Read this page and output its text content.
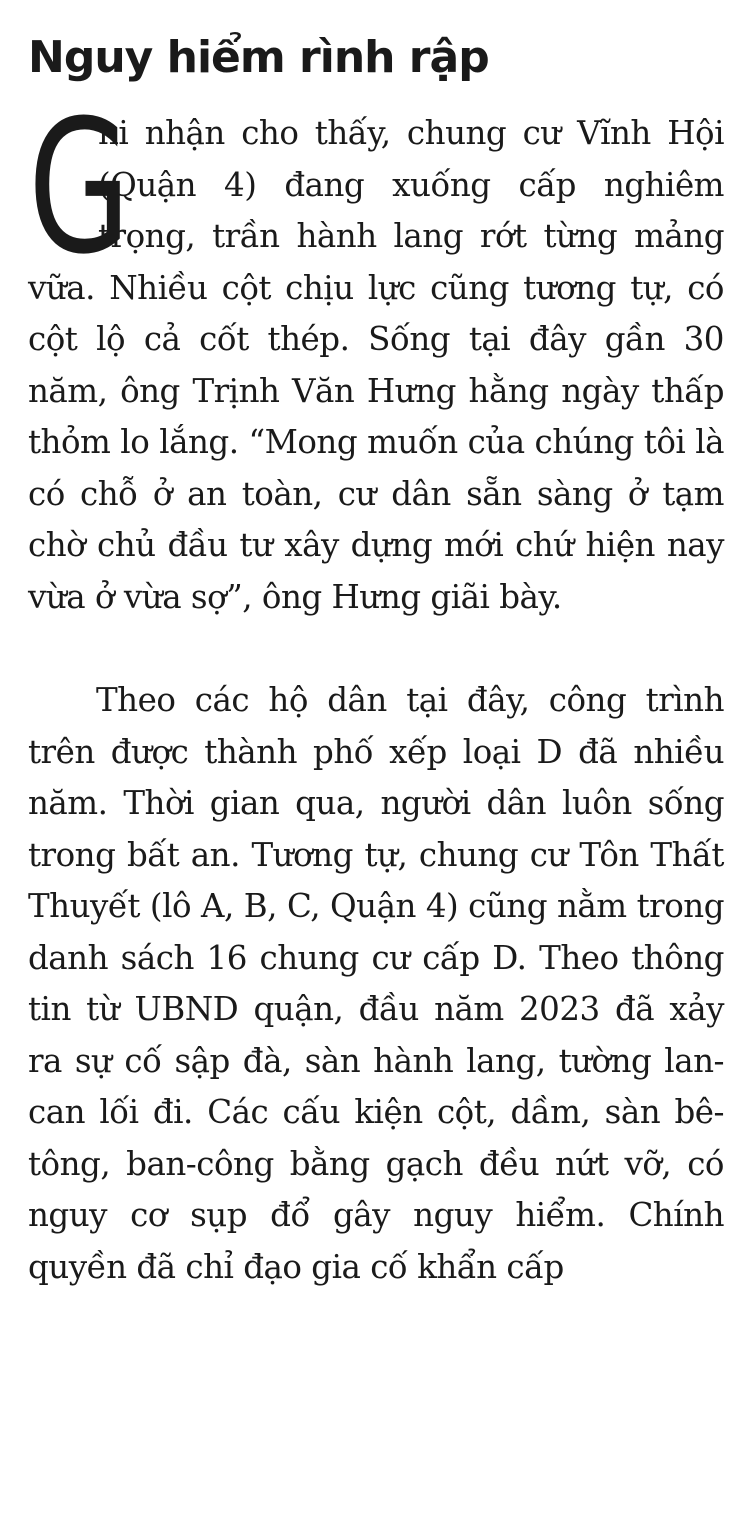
Nguy hiểm rình rập

G
hi nhận cho thấy, chung cư Vĩnh Hội (Quận 4) đang xuống cấp nghiêm trọng, trần hành lang rớt từng mảng vữa. Nhiều cột chịu lực cũng tương tự, có cột lộ cả cốt thép. Sống tại đây gần 30 năm, ông Trịnh Văn Hưng hằng ngày thấp thỏm lo lắng. “Mong muốn của chúng tôi là có chỗ ở an toàn, cư dân sẵn sàng ở tạm chờ chủ đầu tư xây dựng mới chứ hiện nay vừa ở vừa sợ”, ông Hưng giãi bày.

Theo các hộ dân tại đây, công trình trên được thành phố xếp loại D đã nhiều năm. Thời gian qua, người dân luôn sống trong bất an. Tương tự, chung cư Tôn Thất Thuyết (lô A, B, C, Quận 4) cũng nằm trong danh sách 16 chung cư cấp D. Theo thông tin từ UBND quận, đầu năm 2023 đã xảy ra sự cố sập đà, sàn hành lang, tường lan-can lối đi. Các cấu kiện cột, dầm, sàn bê-tông, ban-công bằng gạch đều nứt vỡ, có nguy cơ sụp đổ gây nguy hiểm. Chính quyền đã chỉ đạo gia cố khẩn cấp
